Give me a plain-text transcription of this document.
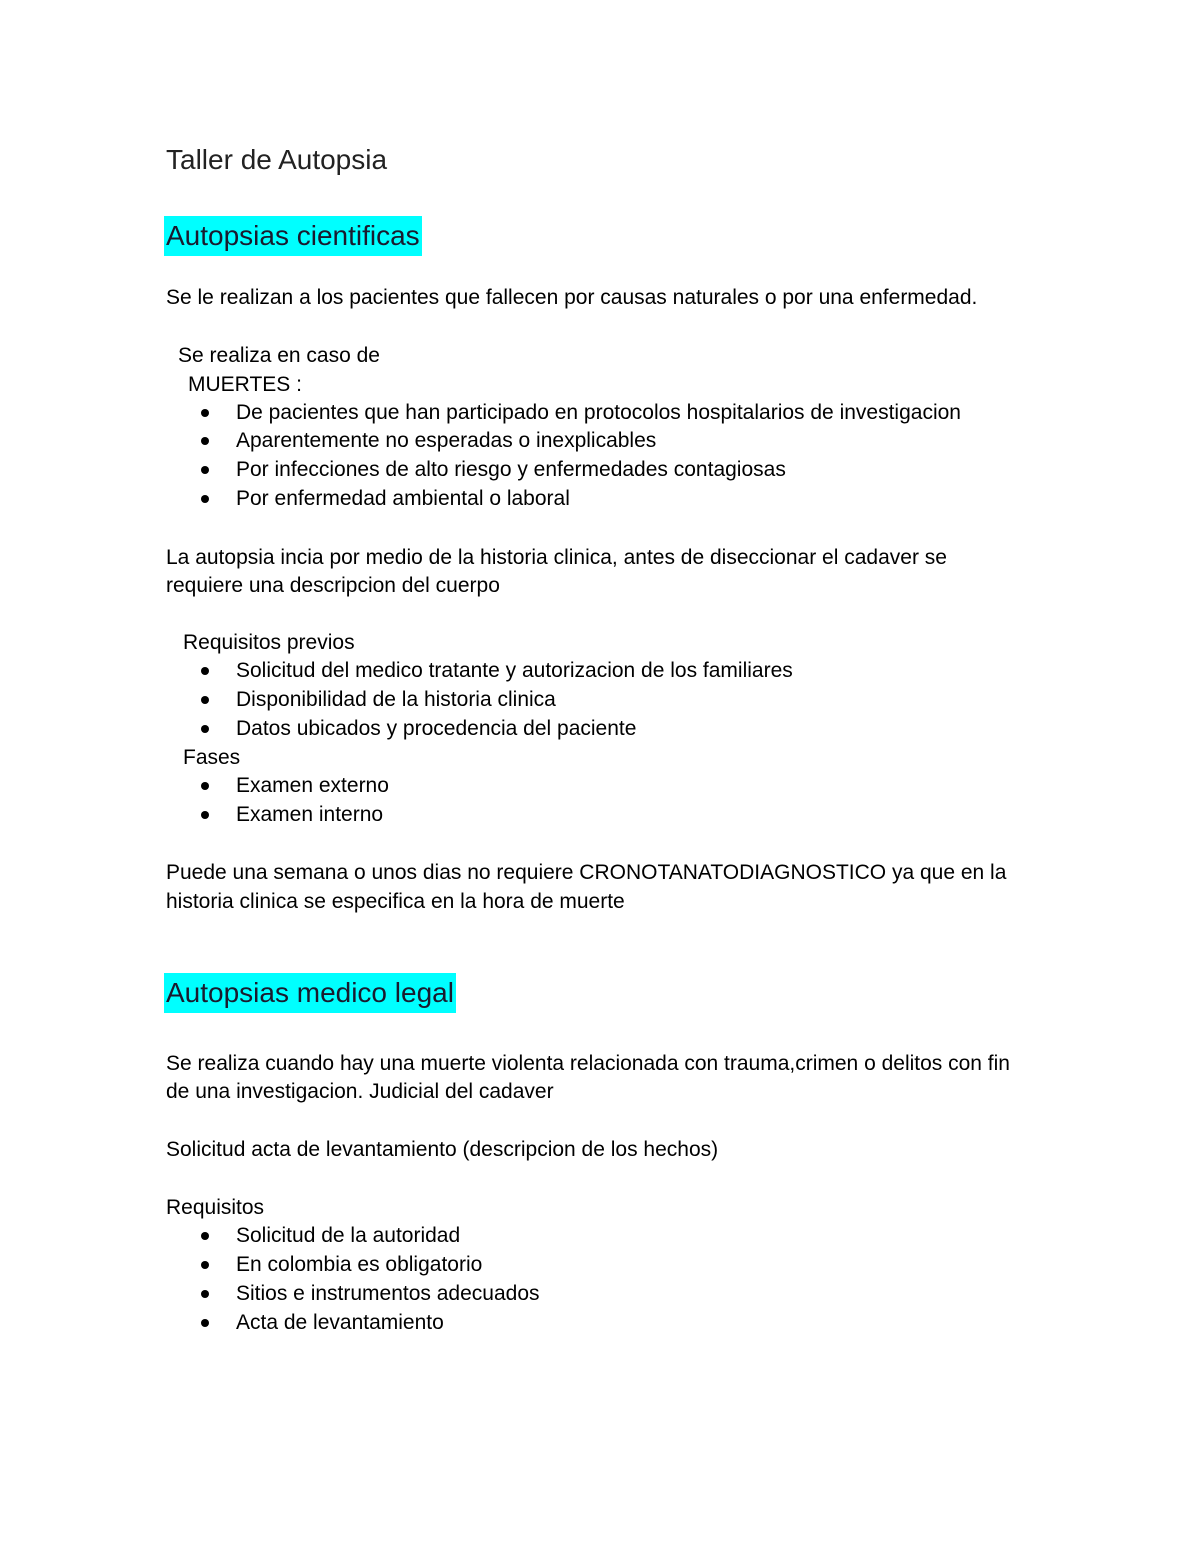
Taller de Autopsia
Autopsias cientificas
Se le realizan a los pacientes que fallecen por causas naturales o por una enfermedad.
Se realiza en caso de
MUERTES :
De pacientes que han participado en protocolos hospitalarios de investigacion
Aparentemente no esperadas o inexplicables
Por infecciones de alto riesgo y enfermedades contagiosas
Por enfermedad ambiental o laboral
La autopsia incia por medio de la historia clinica, antes de diseccionar el cadaver se
requiere una descripcion del cuerpo
Requisitos previos
Solicitud del medico tratante y autorizacion de los familiares
Disponibilidad de la historia clinica
Datos ubicados y procedencia del paciente
Fases
Examen externo
Examen interno
Puede una semana o unos dias no requiere CRONOTANATODIAGNOSTICO ya que en la
historia clinica se especifica en la hora de muerte
Autopsias medico legal
Se realiza cuando hay una muerte violenta relacionada con trauma,crimen o delitos con fin
de una investigacion. Judicial del cadaver
Solicitud acta de levantamiento (descripcion de los hechos)
Requisitos
Solicitud de la autoridad
En colombia es obligatorio
Sitios e instrumentos adecuados
Acta de levantamiento
